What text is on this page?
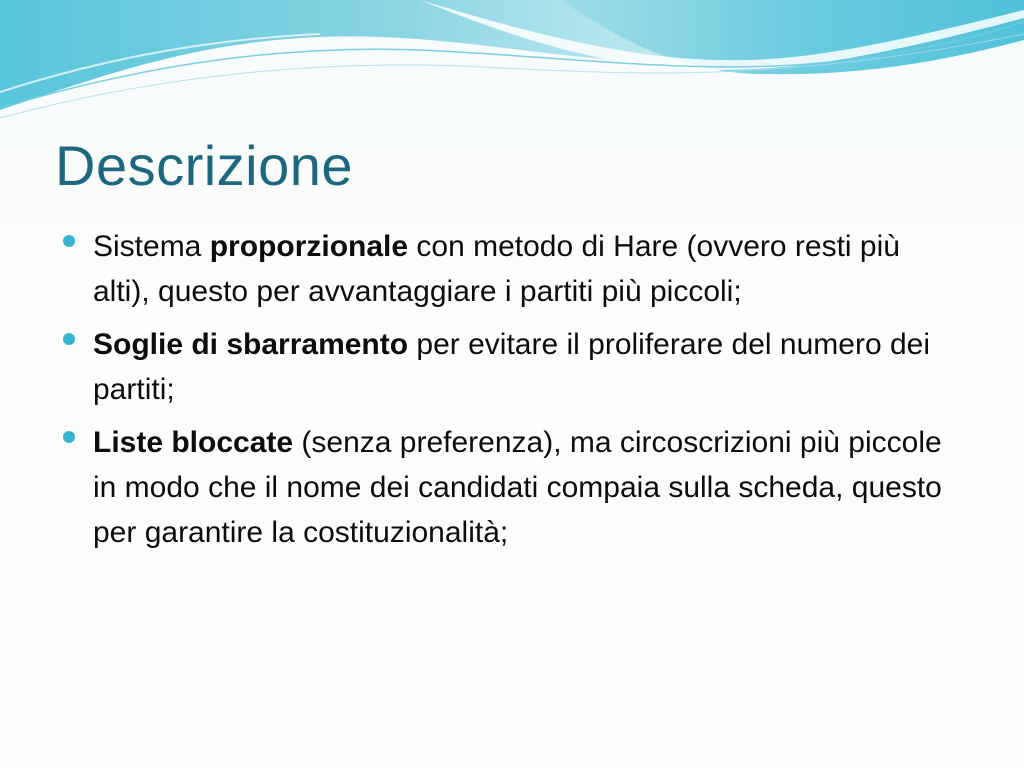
Descrizione
Sistema proporzionale con metodo di Hare (ovvero resti più alti), questo per avvantaggiare i partiti più piccoli;
Soglie di sbarramento per evitare il proliferare del numero dei partiti;
Liste bloccate (senza preferenza), ma circoscrizioni più piccole in modo che il nome dei candidati compaia sulla scheda, questo per garantire la costituzionalità;
